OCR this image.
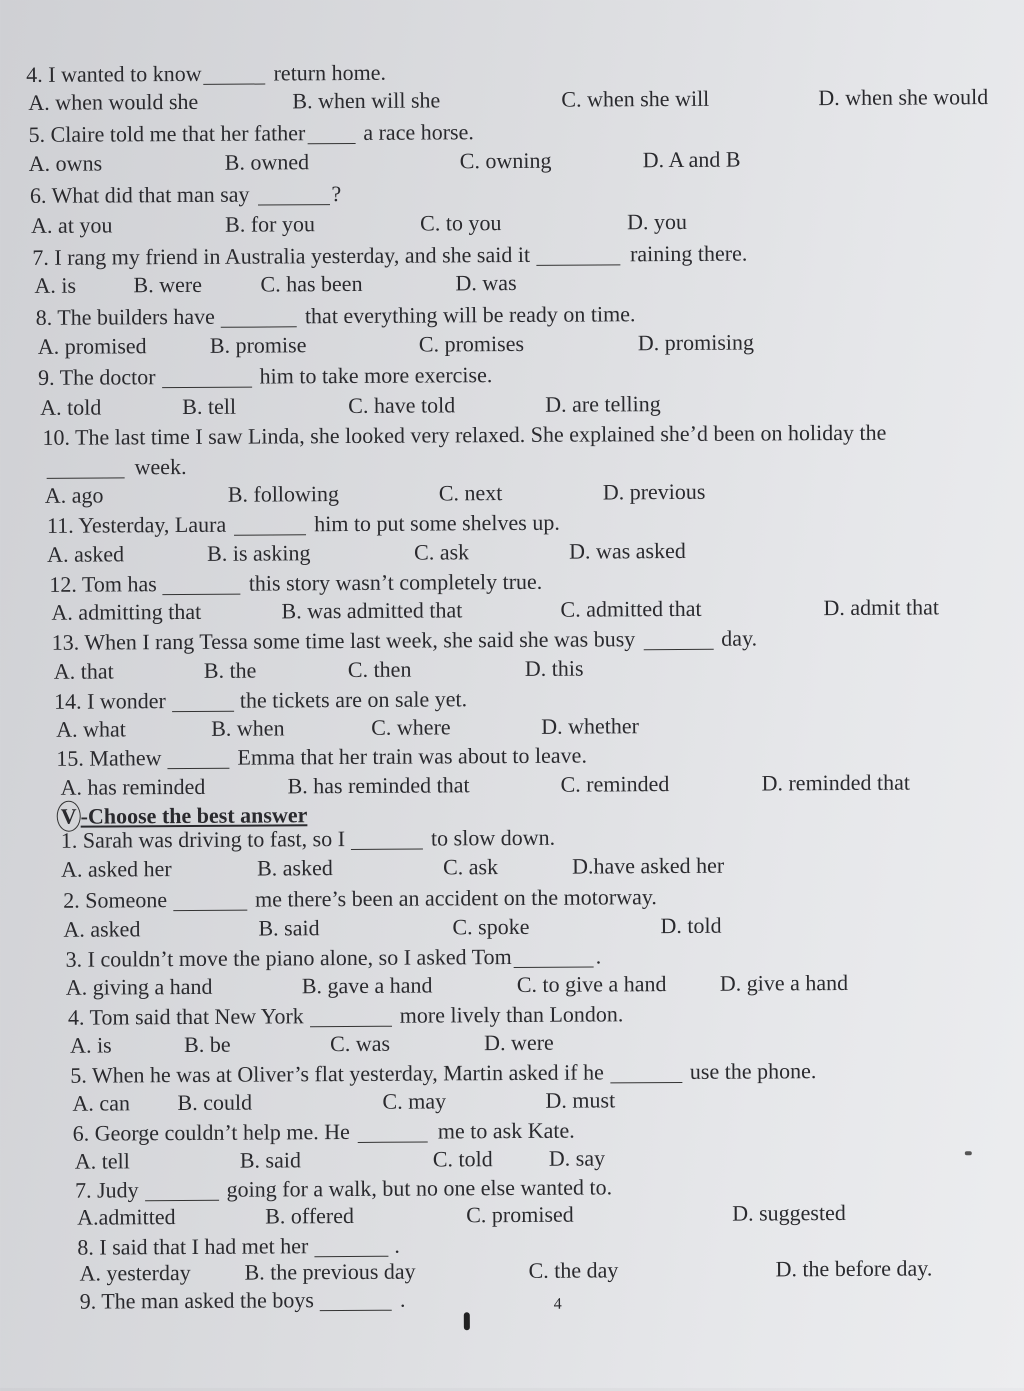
4. I wanted to know	return home.
A. when would she	B. when will she	C. when she will	D. when she would
5. Claire told me that her father	a race horse.
A. owns	B. owned	C. owning	D. A and B
6. What did that man say	?
A. at you	B. for you	C. to you	D. you
7. I rang my friend in Australia yesterday, and she said it	raining there.
A. is	B. were	C. has been	D. was
8. The builders have	that everything will be ready on time.
A. promised	B. promise	C. promises	D. promising
9. The doctor	him to take more exercise.
A. told	B. tell	C. have told	D. are telling
10. The last time I saw Linda, she looked very relaxed. She explained she’d been on holiday the
week.
A. ago	B. following	C. next	D. previous
11. Yesterday, Laura	him to put some shelves up.
A. asked	B. is asking	C. ask	D. was asked
12. Tom has	this story wasn’t completely true.
A. admitting that	B. was admitted that	C. admitted that	D. admit that
13. When I rang Tessa some time last week, she said she was busy	day.
A. that	B. the	C. then	D. this
14. I wonder	the tickets are on sale yet.
A. what	B. when	C. where	D. whether
15. Mathew	Emma that her train was about to leave.
A. has reminded	B. has reminded that	C. reminded	D. reminded that
V -Choose the best answer
1. Sarah was driving to fast, so I	to slow down.
A. asked her	B. asked	C. ask	D.have asked her
2. Someone	me there’s been an accident on the motorway.
A. asked	B. said	C. spoke	D. told
3. I couldn’t move the piano alone, so I asked Tom	.
A. giving a hand	B. gave a hand	C. to give a hand D. give a hand
4. Tom said that New York	more lively than London.
A. is	B. be	C. was	D. were
5. When he was at Oliver’s flat yesterday, Martin asked if he	use the phone.
A. can B. could	C. may	D. must
6. George couldn’t help me. He	me to ask Kate.
A. tell	B. said	C. told	D. say
7. Judy	going for a walk, but no one else wanted to.
A.admitted	B. offered	C. promised	D. suggested
8. I said that I had met her	.
A. yesterday B. the previous day	C. the day	D. the before day.
9. The man asked the boys	.	4
